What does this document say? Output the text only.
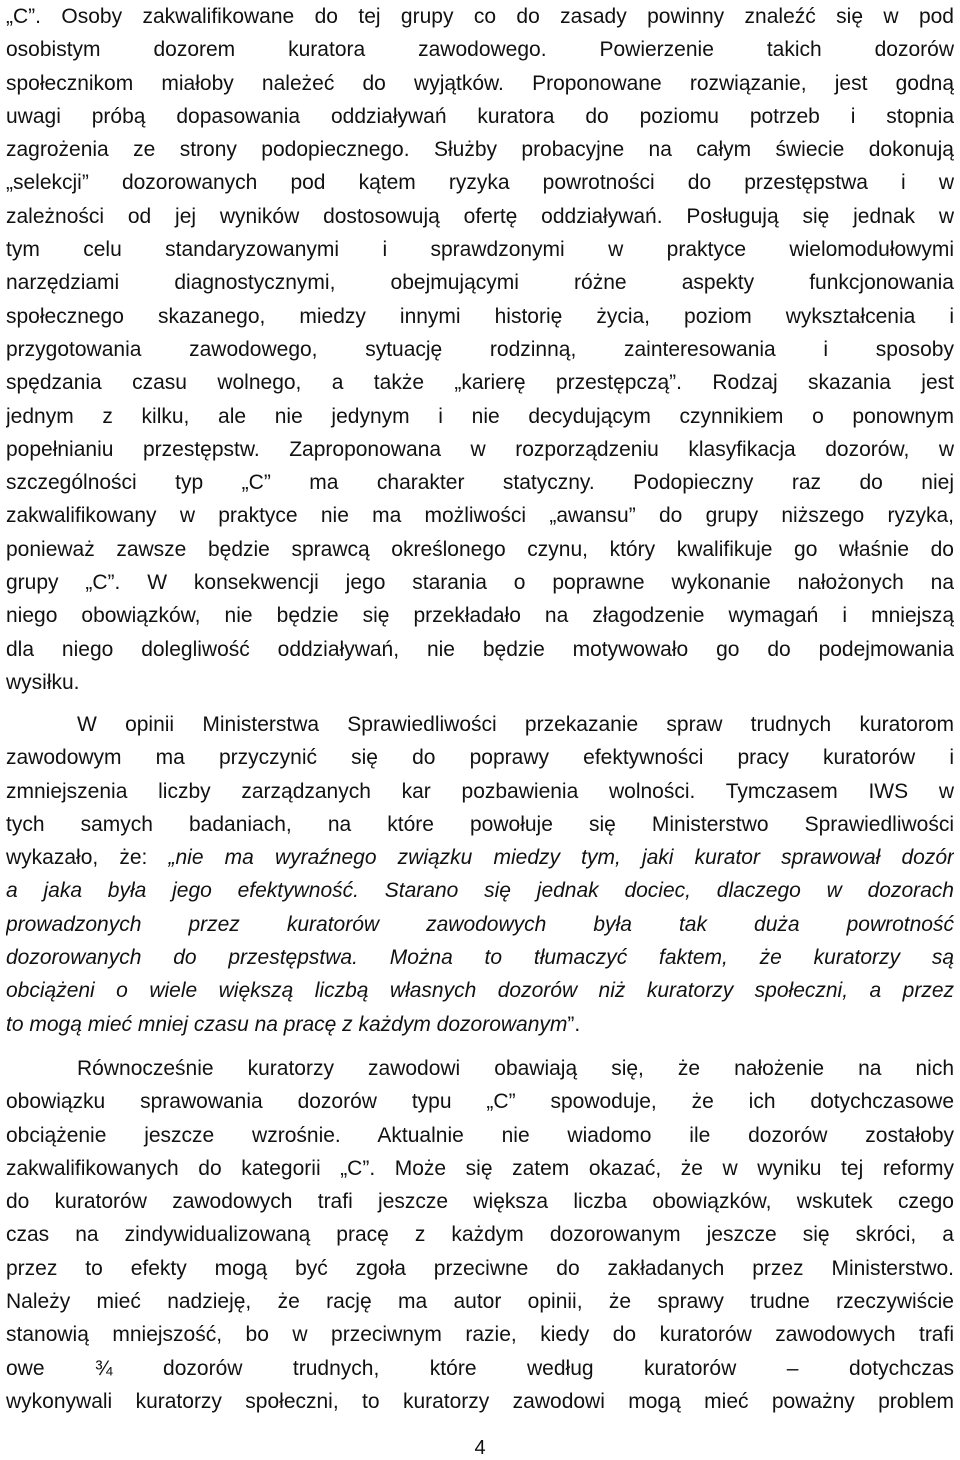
„C”. Osoby zakwalifikowane do tej grupy co do zasady powinny znaleźć się w pod
osobistym dozorem kuratora zawodowego. Powierzenie takich dozorów
społecznikom miałoby należeć do wyjątków. Proponowane rozwiązanie, jest godną
uwagi próbą dopasowania oddziaływań kuratora do poziomu potrzeb i stopnia
zagrożenia ze strony podopiecznego. Służby probacyjne na całym świecie dokonują
„selekcji” dozorowanych pod kątem ryzyka powrotności do przestępstwa i w
zależności od jej wyników dostosowują ofertę oddziaływań. Posługują się jednak w
tym celu standaryzowanymi i sprawdzonymi w praktyce wielomodułowymi
narzędziami diagnostycznymi, obejmującymi różne aspekty funkcjonowania
społecznego skazanego, miedzy innymi historię życia, poziom wykształcenia i
przygotowania zawodowego, sytuację rodzinną, zainteresowania i sposoby
spędzania czasu wolnego, a także „karierę przestępczą”. Rodzaj skazania jest
jednym z kilku, ale nie jedynym i nie decydującym czynnikiem o ponownym
popełnianiu przestępstw. Zaproponowana w rozporządzeniu klasyfikacja dozorów, w
szczególności typ „C” ma charakter statyczny. Podopieczny raz do niej
zakwalifikowany w praktyce nie ma możliwości „awansu” do grupy niższego ryzyka,
ponieważ zawsze będzie sprawcą określonego czynu, który kwalifikuje go właśnie do
grupy „C”. W konsekwencji jego starania o poprawne wykonanie nałożonych na
niego obowiązków, nie będzie się przekładało na złagodzenie wymagań i mniejszą
dla niego dolegliwość oddziaływań, nie będzie motywowało go do podejmowania
wysiłku.
W opinii Ministerstwa Sprawiedliwości przekazanie spraw trudnych kuratorom
zawodowym ma przyczynić się do poprawy efektywności pracy kuratorów i
zmniejszenia liczby zarządzanych kar pozbawienia wolności. Tymczasem IWS w
tych samych badaniach, na które powołuje się Ministerstwo Sprawiedliwości
wykazało, że: „nie ma wyraźnego związku miedzy tym, jaki kurator sprawował dozór
a jaka była jego efektywność. Starano się jednak dociec, dlaczego w dozorach
prowadzonych przez kuratorów zawodowych była tak duża powrotność
dozorowanych do przestępstwa. Można to tłumaczyć faktem, że kuratorzy są
obciążeni o wiele większą liczbą własnych dozorów niż kuratorzy społeczni, a przez
to mogą mieć mniej czasu na pracę z każdym dozorowanym”.
Równocześnie kuratorzy zawodowi obawiają się, że nałożenie na nich
obowiązku sprawowania dozorów typu „C” spowoduje, że ich dotychczasowe
obciążenie jeszcze wzrośnie. Aktualnie nie wiadomo ile dozorów zostałoby
zakwalifikowanych do kategorii „C”. Może się zatem okazać, że w wyniku tej reformy
do kuratorów zawodowych trafi jeszcze większa liczba obowiązków, wskutek czego
czas na zindywidualizowaną pracę z każdym dozorowanym jeszcze się skróci, a
przez to efekty mogą być zgoła przeciwne do zakładanych przez Ministerstwo.
Należy mieć nadzieję, że rację ma autor opinii, że sprawy trudne rzeczywiście
stanowią mniejszość, bo w przeciwnym razie, kiedy do kuratorów zawodowych trafi
owe ¾ dozorów trudnych, które według kuratorów – dotychczas
wykonywali kuratorzy społeczni, to kuratorzy zawodowi mogą mieć poważny problem
4
